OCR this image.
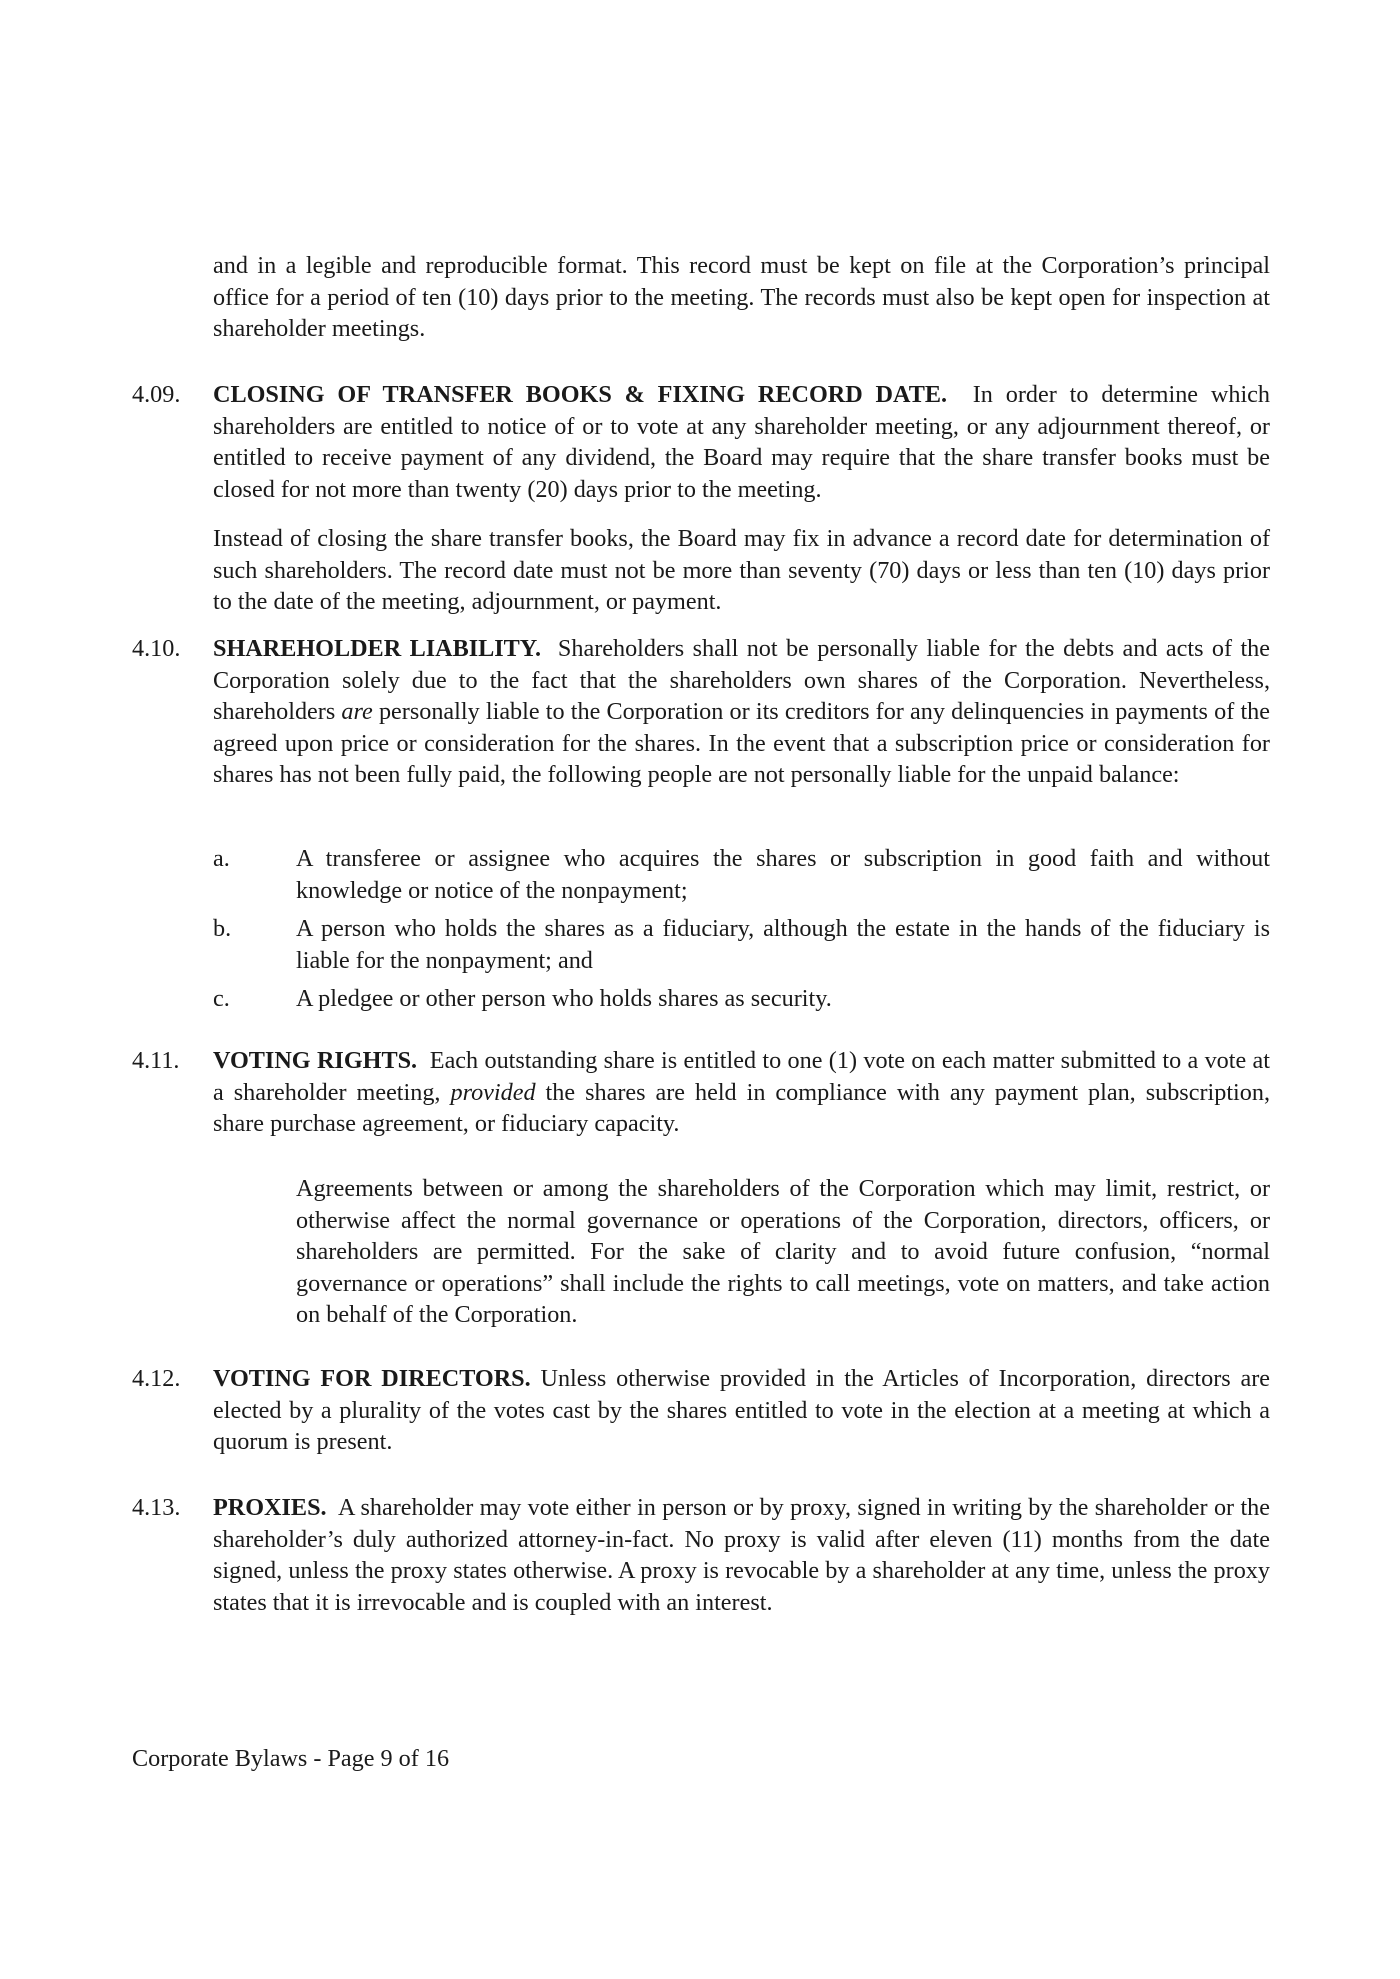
and in a legible and reproducible format. This record must be kept on file at the Corporation’s principal office for a period of ten (10) days prior to the meeting. The records must also be kept open for inspection at shareholder meetings.

4.09.	CLOSING OF TRANSFER BOOKS & FIXING RECORD DATE. In order to determine which shareholders are entitled to notice of or to vote at any shareholder meeting, or any adjournment thereof, or entitled to receive payment of any dividend, the Board may require that the share transfer books must be closed for not more than twenty (20) days prior to the meeting.

Instead of closing the share transfer books, the Board may fix in advance a record date for determination of such shareholders. The record date must not be more than seventy (70) days or less than ten (10) days prior to the date of the meeting, adjournment, or payment.

4.10.	SHAREHOLDER LIABILITY. Shareholders shall not be personally liable for the debts and acts of the Corporation solely due to the fact that the shareholders own shares of the Corporation. Nevertheless, shareholders are personally liable to the Corporation or its creditors for any delinquencies in payments of the agreed upon price or consideration for the shares. In the event that a subscription price or consideration for shares has not been fully paid, the following people are not personally liable for the unpaid balance:

a.	A transferee or assignee who acquires the shares or subscription in good faith and without knowledge or notice of the nonpayment;

b.	A person who holds the shares as a fiduciary, although the estate in the hands of the fiduciary is liable for the nonpayment; and

c.	A pledgee or other person who holds shares as security.

4.11.	VOTING RIGHTS. Each outstanding share is entitled to one (1) vote on each matter submitted to a vote at a shareholder meeting, provided the shares are held in compliance with any payment plan, subscription, share purchase agreement, or fiduciary capacity.

Agreements between or among the shareholders of the Corporation which may limit, restrict, or otherwise affect the normal governance or operations of the Corporation, directors, officers, or shareholders are permitted. For the sake of clarity and to avoid future confusion, “normal governance or operations” shall include the rights to call meetings, vote on matters, and take action on behalf of the Corporation.

4.12.	VOTING FOR DIRECTORS. Unless otherwise provided in the Articles of Incorporation, directors are elected by a plurality of the votes cast by the shares entitled to vote in the election at a meeting at which a quorum is present.

4.13.	PROXIES. A shareholder may vote either in person or by proxy, signed in writing by the shareholder or the shareholder’s duly authorized attorney-in-fact. No proxy is valid after eleven (11) months from the date signed, unless the proxy states otherwise. A proxy is revocable by a shareholder at any time, unless the proxy states that it is irrevocable and is coupled with an interest.

Corporate Bylaws - Page 9 of 16
